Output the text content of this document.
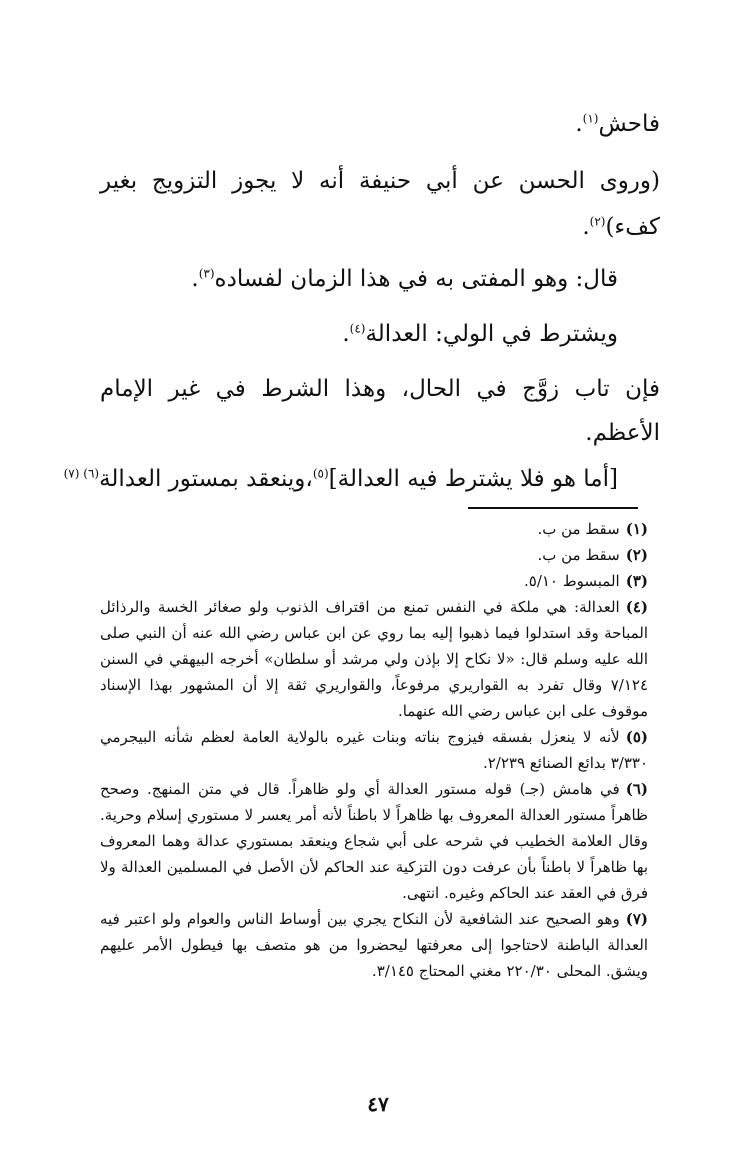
فاحش$^{(١)}$.
(وروى الحسن عن أبي حنيفة أنه لا يجوز التزويج بغير
كفء)$^{(٢)}$.
قال: وهو المفتى به في هذا الزمان لفساده$^{(٣)}$.
ويشترط في الولي: العدالة$^{(٤)}$.
فإن تاب زوَّج في الحال، وهذا الشرط في غير الإمام
الأعظم.
[أما هو فلا يشترط فيه العدالة]$^{(٥)}$،وينعقد بمستور العدالة$^{(٦) (٧)}$

(١)سقط من ب.

(٢)سقط من ب.

(٣)المبسوط ٥/١٠.

(٤)العدالة: هي ملكة في النفس تمنع من اقتراف الذنوب ولو صغائر الخسة والرذائل المباحة وقد استدلوا فيما ذهبوا إليه بما روي عن ابن عباس رضي الله عنه أن النبي صلى الله عليه وسلم قال: «لا نكاح إلا بإذن ولي مرشد أو سلطان» أخرجه البيهقي في السنن ٧/١٢٤ وقال تفرد به القواريري مرفوعاً، والقواريري ثقة إلا أن المشهور بهذا الإسناد موقوف على ابن عباس رضي الله عنهما.

(٥)لأنه لا ينعزل بفسقه فيزوج بناته وبنات غيره بالولاية العامة لعظم شأنه البيجرمي ٣/٣٣٠ بدائع الصنائع ٢/٢٣٩.

(٦)في هامش (جـ) قوله مستور العدالة أي ولو ظاهراً. قال في متن المنهج. وصحح ظاهراً مستور العدالة المعروف بها ظاهراً لا باطناً لأنه أمر يعسر لا مستوري إسلام وحرية. وقال العلامة الخطيب في شرحه على أبي شجاع وينعقد بمستوري عدالة وهما المعروف بها ظاهراً لا باطناً بأن عرفت دون التزكية عند الحاكم لأن الأصل في المسلمين العدالة ولا فرق في العقد عند الحاكم وغيره. انتهى.

(٧)وهو الصحيح عند الشافعية لأن النكاح يجري بين أوساط الناس والعوام ولو اعتبر فيه العدالة الباطنة لاحتاجوا إلى معرفتها ليحضروا من هو متصف بها فيطول الأمر عليهم ويشق. المحلى ٢٢٠/٣٠ مغني المحتاج ٣/١٤٥.

٤٧
